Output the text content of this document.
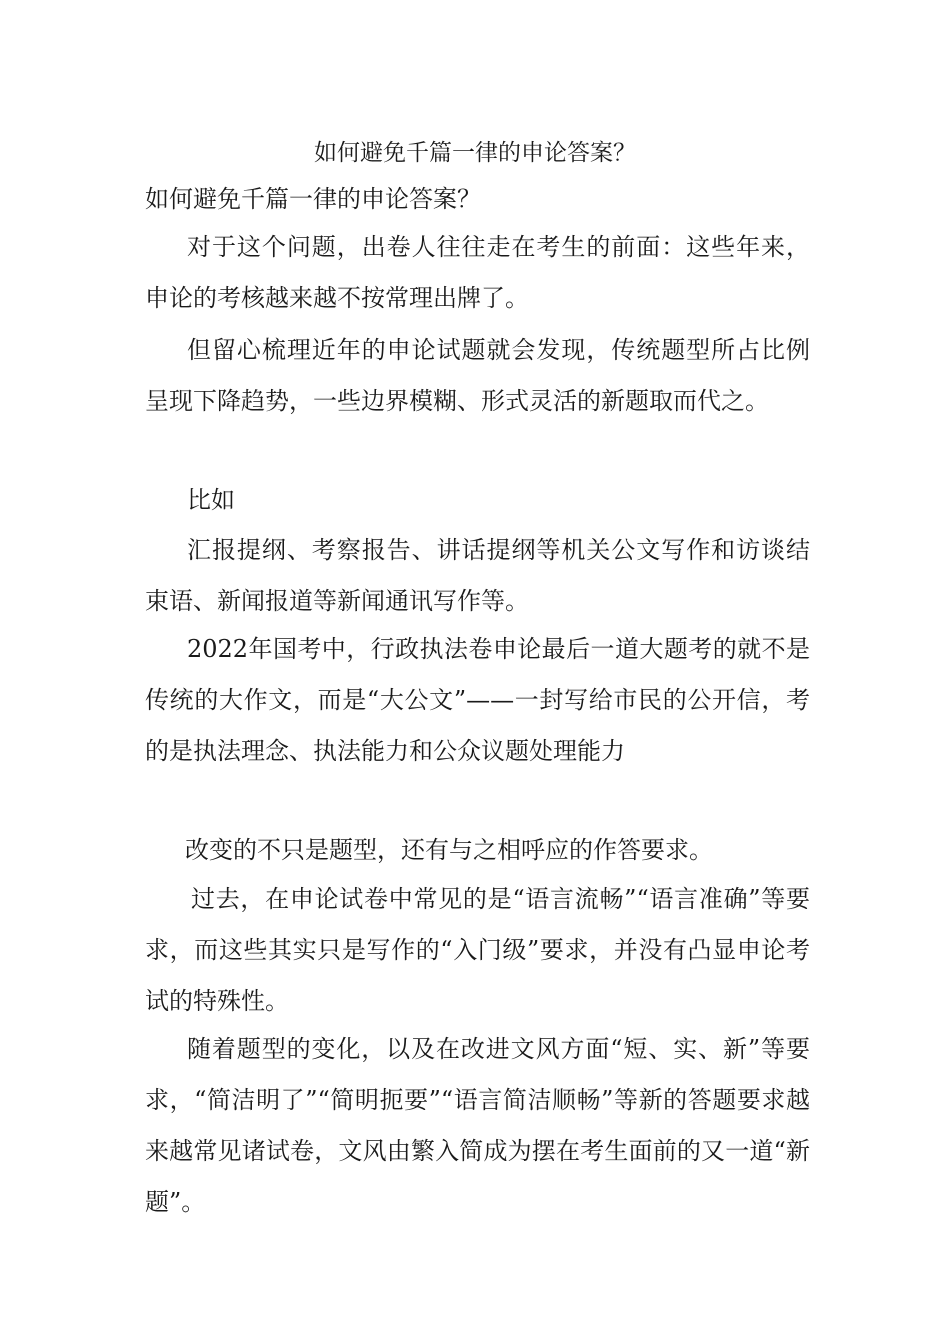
如何避免千篇一律的申论答案？
如何避免千篇一律的申论答案？

对于这个问题，出卷人往往走在考生的前面：这些年来，申论的考核越来越不按常理出牌了。

但留心梳理近年的申论试题就会发现，传统题型所占比例呈现下降趋势，一些边界模糊、形式灵活的新题取而代之。

比如

汇报提纲、考察报告、讲话提纲等机关公文写作和访谈结束语、新闻报道等新闻通讯写作等。

2022年国考中，行政执法卷申论最后一道大题考的就不是传统的大作文，而是“大公文”——一封写给市民的公开信，考的是执法理念、执法能力和公众议题处理能力

改变的不只是题型，还有与之相呼应的作答要求。

过去，在申论试卷中常见的是“语言流畅”“语言准确”等要求，而这些其实只是写作的“入门级”要求，并没有凸显申论考试的特殊性。

随着题型的变化，以及在改进文风方面“短、实、新”等要求，“简洁明了”“简明扼要”“语言简洁顺畅”等新的答题要求越来越常见诸试卷，文风由繁入简成为摆在考生面前的又一道“新题”。
